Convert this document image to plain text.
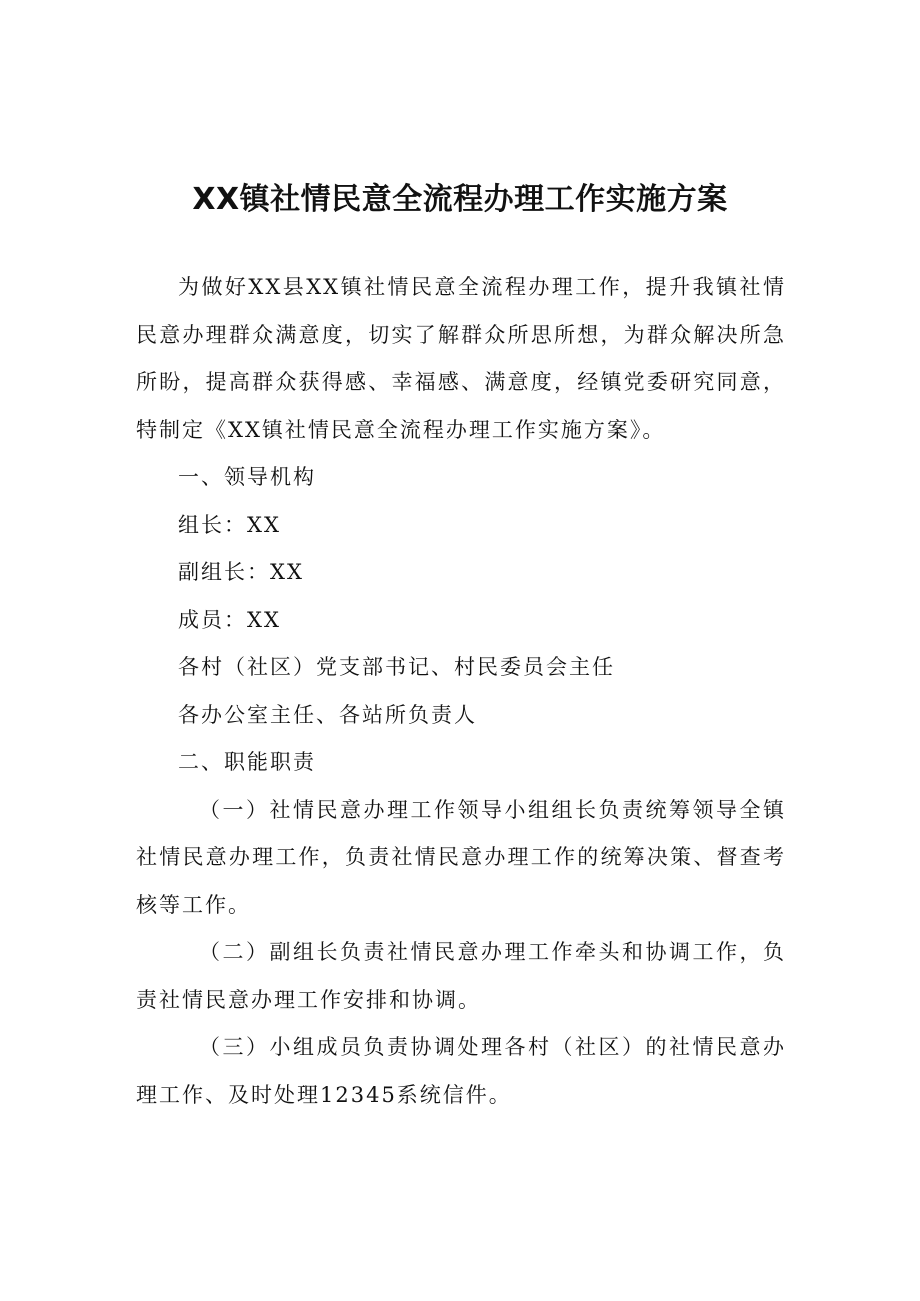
XX镇社情民意全流程办理工作实施方案

为做好XX县XX镇社情民意全流程办理工作，提升我镇社情民意办理群众满意度，切实了解群众所思所想，为群众解决所急所盼，提高群众获得感、幸福感、满意度，经镇党委研究同意，特制定《XX镇社情民意全流程办理工作实施方案》。

一、领导机构

组长：XX

副组长：XX

成员：XX

各村（社区）党支部书记、村民委员会主任

各办公室主任、各站所负责人

二、职能职责

（一）社情民意办理工作领导小组组长负责统筹领导全镇社情民意办理工作，负责社情民意办理工作的统筹决策、督查考核等工作。

（二）副组长负责社情民意办理工作牵头和协调工作，负责社情民意办理工作安排和协调。

（三）小组成员负责协调处理各村（社区）的社情民意办理工作、及时处理12345系统信件。
